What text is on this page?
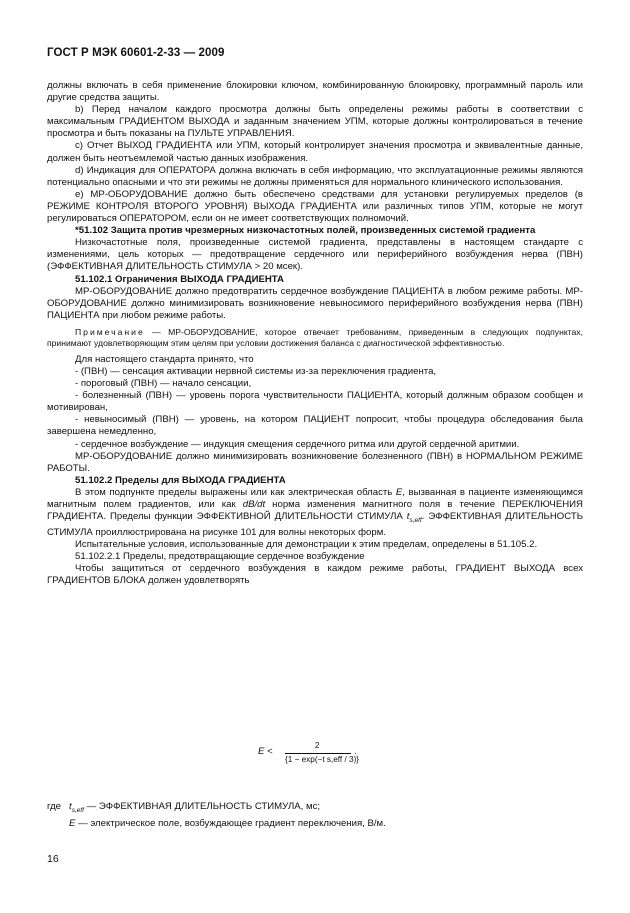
ГОСТ Р МЭК 60601-2-33 — 2009

должны включать в себя применение блокировки ключом, комбинированную блокировку, программный пароль или другие средства защиты.

b) Перед началом каждого просмотра должны быть определены режимы работы в соответствии с максимальным ГРАДИЕНТОМ ВЫХОДА и заданным значением УПМ, которые должны контролироваться в течение просмотра и быть показаны на ПУЛЬТЕ УПРАВЛЕНИЯ.

c) Отчет ВЫХОД ГРАДИЕНТА или УПМ, который контролирует значения просмотра и эквивалентные данные, должен быть неотъемлемой частью данных изображения.

d) Индикация для ОПЕРАТОРА должна включать в себя информацию, что эксплуатационные режимы являются потенциально опасными и что эти режимы не должны применяться для нормального клинического использования.

e) МР-ОБОРУДОВАНИЕ должно быть обеспечено средствами для установки регулируемых пределов (в РЕЖИМЕ КОНТРОЛЯ ВТОРОГО УРОВНЯ) ВЫХОДА ГРАДИЕНТА или различных типов УПМ, которые не могут регулироваться ОПЕРАТОРОМ, если он не имеет соответствующих полномочий.

*51.102 Защита против чрезмерных низкочастотных полей, произведенных системой градиента

Низкочастотные поля, произведенные системой градиента, представлены в настоящем стандарте с изменениями, цель которых — предотвращение сердечного или периферийного возбуждения нерва (ПВН) (ЭФФЕКТИВНАЯ ДЛИТЕЛЬНОСТЬ СТИМУЛА > 20 мсек).

51.102.1 Ограничения ВЫХОДА ГРАДИЕНТА

МР-ОБОРУДОВАНИЕ должно предотвратить сердечное возбуждение ПАЦИЕНТА в любом режиме работы. МР-ОБОРУДОВАНИЕ должно минимизировать возникновение невыносимого периферийного возбуждения нерва (ПВН) ПАЦИЕНТА при любом режиме работы.

Примечание — МР-ОБОРУДОВАНИЕ, которое отвечает требованиям, приведенным в следующих подпунктах, принимают удовлетворяющим этим целям при условии достижения баланса с диагностической эффективностью.

Для настоящего стандарта принято, что

- (ПВН) — сенсация активации нервной системы из-за переключения градиента,

- пороговый (ПВН) — начало сенсации,

- болезненный (ПВН) — уровень порога чувствительности ПАЦИЕНТА, который должным образом сообщен и мотивирован,

- невыносимый (ПВН) — уровень, на котором ПАЦИЕНТ попросит, чтобы процедура обследования была завершена немедленно,

- сердечное возбуждение — индукция смещения сердечного ритма или другой сердечной аритмии.

МР-ОБОРУДОВАНИЕ должно минимизировать возникновение болезненного (ПВН) в НОРМАЛЬНОМ РЕЖИМЕ РАБОТЫ.

51.102.2 Пределы для ВЫХОДА ГРАДИЕНТА

В этом подпункте пределы выражены или как электрическая область E, вызванная в пациенте изменяющимся магнитным полем градиентов, или как dB/dt норма изменения магнитного поля в течение ПЕРЕКЛЮЧЕНИЯ ГРАДИЕНТА. Пределы функции ЭФФЕКТИВНОЙ ДЛИТЕЛЬНОСТИ СТИМУЛА $t_{s,eff}$. ЭФФЕКТИВНАЯ ДЛИТЕЛЬНОСТЬ СТИМУЛА проиллюстрирована на рисунке 101 для волны некоторых форм.

Испытательные условия, использованные для демонстрации к этим пределам, определены в 51.105.2.

51.102.2.1 Пределы, предотвращающие сердечное возбуждение

Чтобы защититься от сердечного возбуждения в каждом режиме работы, ГРАДИЕНТ ВЫХОДА всех ГРАДИЕНТОВ БЛОКА должен удовлетворять

E <
2
{1 − exp(−t s,eff / 3)}
.
где $t_{s,eff}$ — ЭФФЕКТИВНАЯ ДЛИТЕЛЬНОСТЬ СТИМУЛА, мс;
E — электрическое поле, возбуждающее градиент переключения, В/м.
16
